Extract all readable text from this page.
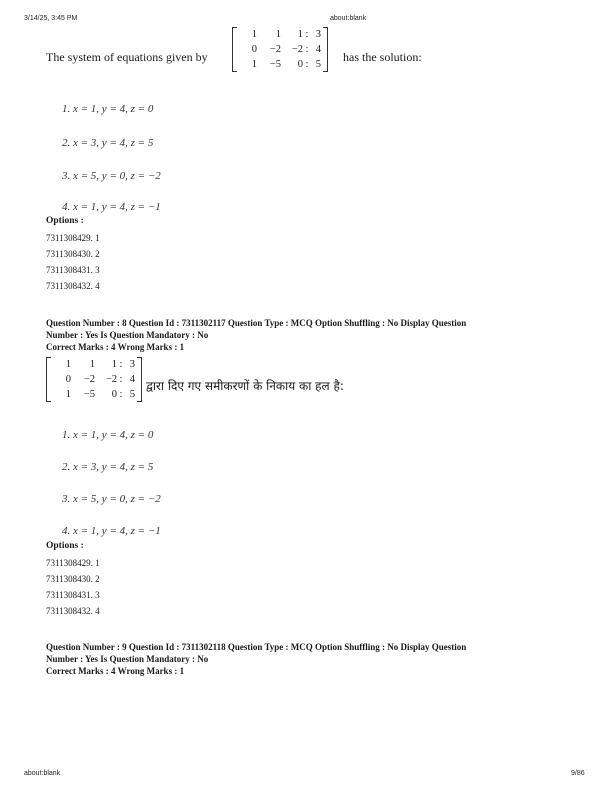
3/14/25, 3:45 PM	about:blank
The system of equations given by
1	1	1 : 3
0	−2	−2 : 4
1	−5	0 : 5
has the solution:
1. x = 1, y = 4, z = 0
2. x = 3, y = 4, z = 5
3. x = 5, y = 0, z = −2
4. x = 1, y = 4, z = −1
Options :
7311308429. 1
7311308430. 2
7311308431. 3
7311308432. 4
Question Number : 8 Question Id : 7311302117 Question Type : MCQ Option Shuffling : No Display Question
Number : Yes Is Question Mandatory : No
Correct Marks : 4 Wrong Marks : 1
1	1	1 : 3
0	−2	−2 : 4
1	−5	0 : 5
द्वारा दिए गए समीकरणों के निकाय का हल है:
1. x = 1, y = 4, z = 0
2. x = 3, y = 4, z = 5
3. x = 5, y = 0, z = −2
4. x = 1, y = 4, z = −1
Options :
7311308429. 1
7311308430. 2
7311308431. 3
7311308432. 4
Question Number : 9 Question Id : 7311302118 Question Type : MCQ Option Shuffling : No Display Question
Number : Yes Is Question Mandatory : No
Correct Marks : 4 Wrong Marks : 1
about:blank	9/86
